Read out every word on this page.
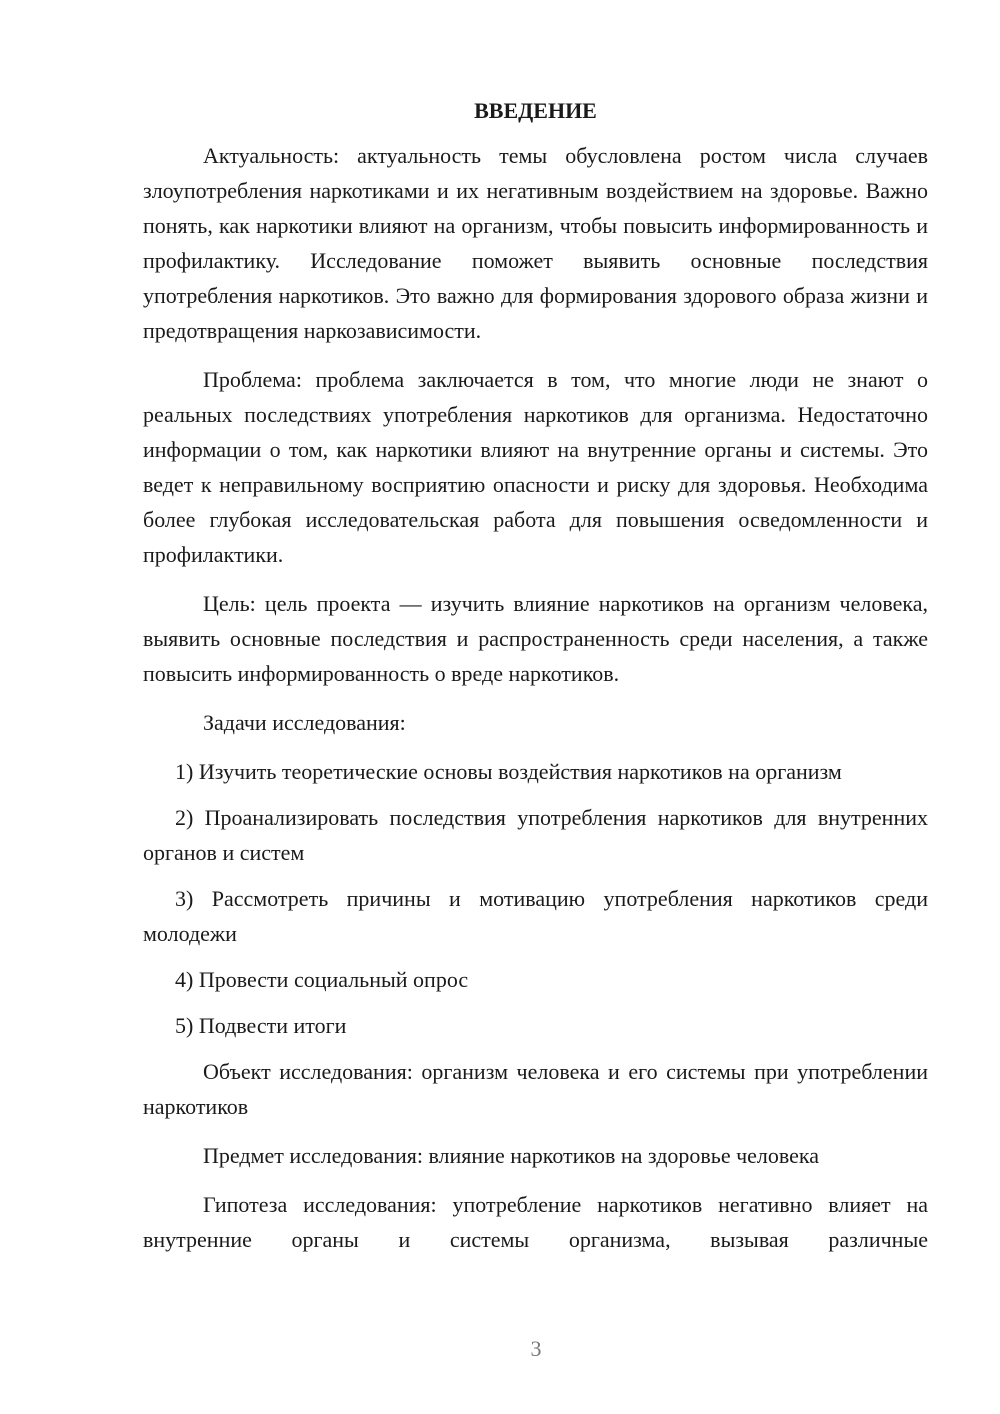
ВВЕДЕНИЕ

Актуальность: актуальность темы обусловлена ростом числа случаев злоупотребления наркотиками и их негативным воздействием на здоровье. Важно понять, как наркотики влияют на организм, чтобы повысить информированность и профилактику. Исследование поможет выявить основные последствия употребления наркотиков. Это важно для формирования здорового образа жизни и предотвращения наркозависимости.

Проблема: проблема заключается в том, что многие люди не знают о реальных последствиях употребления наркотиков для организма. Недостаточно информации о том, как наркотики влияют на внутренние органы и системы. Это ведет к неправильному восприятию опасности и риску для здоровья. Необходима более глубокая исследовательская работа для повышения осведомленности и профилактики.

Цель: цель проекта — изучить влияние наркотиков на организм человека, выявить основные последствия и распространенность среди населения, а также повысить информированность о вреде наркотиков.

Задачи исследования:

1) Изучить теоретические основы воздействия наркотиков на организм

2) Проанализировать последствия употребления наркотиков для внутренних органов и систем

3) Рассмотреть причины и мотивацию употребления наркотиков среди молодежи

4) Провести социальный опрос

5) Подвести итоги

Объект исследования: организм человека и его системы при употреблении наркотиков

Предмет исследования: влияние наркотиков на здоровье человека

Гипотеза исследования: употребление наркотиков негативно влияет на внутренние органы и системы организма, вызывая различные

3
